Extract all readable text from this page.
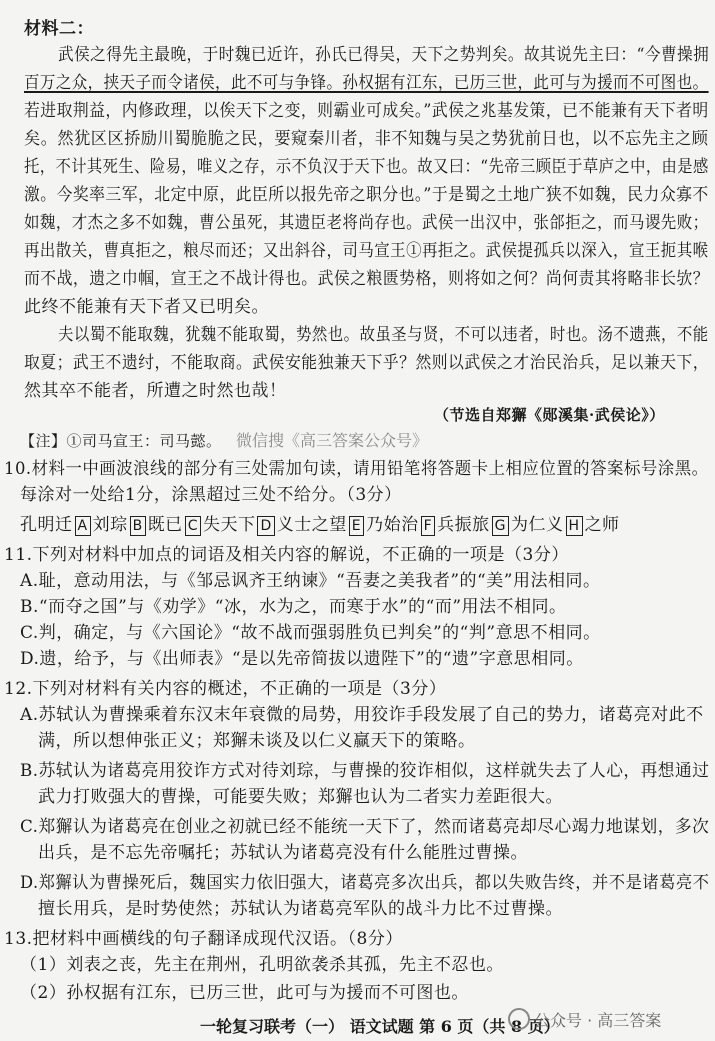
材料二：
武侯之得先主最晚，于时魏已近许，孙氏已得吴，天下之势判矣。故其说先主曰：“今曹操拥
百万之众，挟天子而令诸侯，此不可与争锋。孙权据有江东，已历三世，此可与为援而不可图也。
若进取荆益，内修政理，以俟天下之变，则霸业可成矣。”武侯之兆基发策，已不能兼有天下者明
矣。然犹区区挢励川蜀脆脆之民，要窥秦川者，非不知魏与吴之势犹前日也，以不忘先主之顾
托，不计其死生、险易，唯义之存，示不负汉于天下也。故又曰：“先帝三顾臣于草庐之中，由是感
激。今奖率三军，北定中原，此臣所以报先帝之职分也。”于是蜀之土地广狭不如魏，民力众寡不
如魏，才杰之多不如魏，曹公虽死，其遗臣老将尚存也。武侯一出汉中，张郃拒之，而马谡先败；
再出散关，曹真拒之，粮尽而还；又出斜谷，司马宣王①再拒之。武侯提孤兵以深入，宣王扼其喉
而不战，遗之巾帼，宣王之不战计得也。武侯之粮匮势格，则将如之何？尚何责其将略非长欤？
此终不能兼有天下者又已明矣。
夫以蜀不能取魏，犹魏不能取蜀，势然也。故虽圣与贤，不可以违者，时也。汤不遗燕，不能
取夏；武王不遗纣，不能取商。武侯安能独兼天下乎？然则以武侯之才治民治兵，足以兼天下，
然其卒不能者，所遭之时然也哉！
（节选自郑獬《郧溪集·武侯论》）
【注】①司马宣王：司马懿。 微信搜《高三答案公众号》
10.材料一中画波浪线的部分有三处需加句读，请用铅笔将答题卡上相应位置的答案标号涂黑。
每涂对一处给1分，涂黑超过三处不给分。（3分）
孔明迁 A 刘琮 B 既已 C 失天下 D 义士之望 E 乃始治 F 兵振旅 G 为仁义 H 之师
11.下列对材料中加点的词语及相关内容的解说，不正确的一项是（3分）
A.耻，意动用法，与《邹忌讽齐王纳谏》“吾妻之美我者”的“美”用法相同。
B.“而夺之国”与《劝学》“冰，水为之，而寒于水”的“而”用法不相同。
C.判，确定，与《六国论》“故不战而强弱胜负已判矣”的“判”意思不相同。
D.遗，给予，与《出师表》“是以先帝简拔以遗陛下”的“遗”字意思相同。
12.下列对材料有关内容的概述，不正确的一项是（3分）
A.苏轼认为曹操乘着东汉末年衰微的局势，用狡诈手段发展了自己的势力，诸葛亮对此不
满，所以想伸张正义；郑獬未谈及以仁义赢天下的策略。
B.苏轼认为诸葛亮用狡诈方式对待刘琮，与曹操的狡诈相似，这样就失去了人心，再想通过
武力打败强大的曹操，可能要失败；郑獬也认为二者实力差距很大。
C.郑獬认为诸葛亮在创业之初就已经不能统一天下了，然而诸葛亮却尽心竭力地谋划，多次
出兵，是不忘先帝嘱托；苏轼认为诸葛亮没有什么能胜过曹操。
D.郑獬认为曹操死后，魏国实力依旧强大，诸葛亮多次出兵，都以失败告终，并不是诸葛亮不
擅长用兵，是时势使然；苏轼认为诸葛亮军队的战斗力比不过曹操。
13.把材料中画横线的句子翻译成现代汉语。（8分）
（1）刘表之丧，先主在荆州，孔明欲袭杀其孤，先主不忍也。
（2）孙权据有江东，已历三世，此可与为援而不可图也。
一轮复习联考（一） 语文试题 第 6 页（共 8 页）
公众号 · 高三答案
